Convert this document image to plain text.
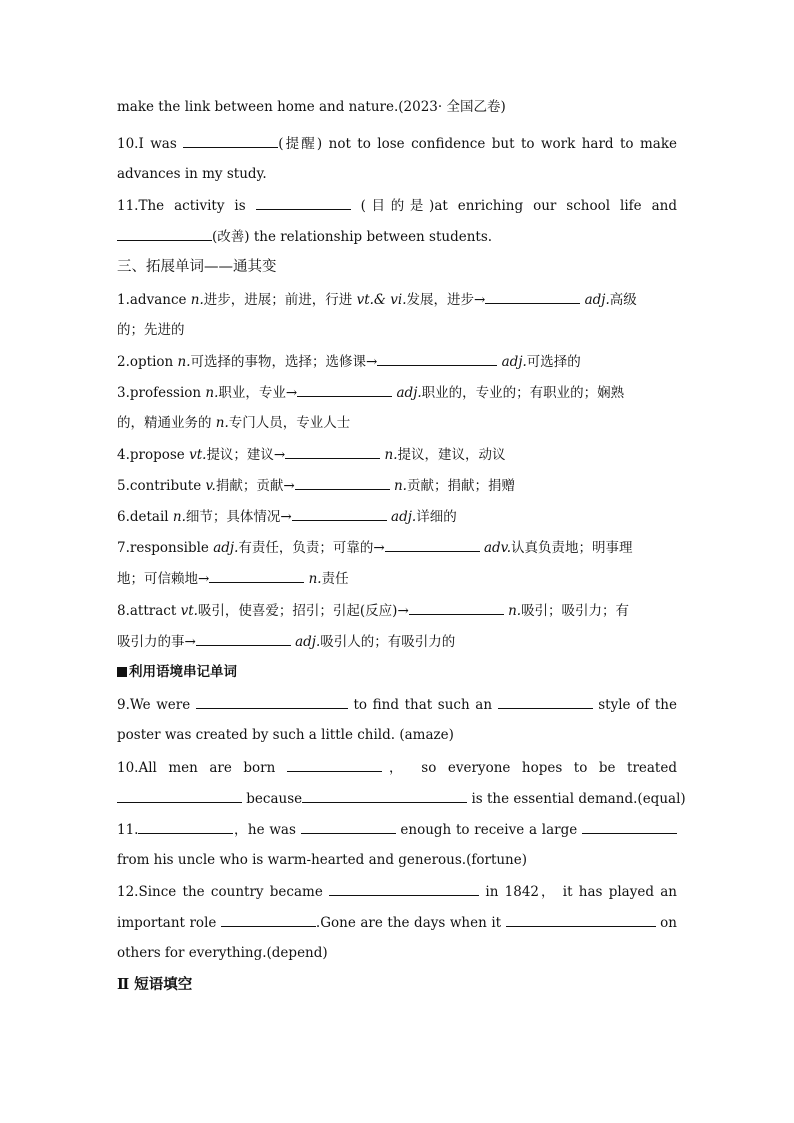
make the link between home and nature.(2023· 全国乙卷)
10.I was	(提醒) not to lose confidence but to work hard to make
advances in my study.
11.The activity is	(目的是)at enriching our school life and
(改善) the relationship between students.
三、拓展单词——通其变
1.advance n.进步，进展；前进，行进 vt.& vi.发展，进步→	adj.高级
的；先进的
2.option n.可选择的事物，选择；选修课→	adj.可选择的
3.profession n.职业，专业→	adj.职业的，专业的；有职业的；娴熟
的，精通业务的 n.专门人员，专业人士
4.propose vt.提议；建议→	n.提议，建议，动议
5.contribute v.捐献；贡献→	n.贡献；捐献；捐赠
6.detail n.细节；具体情况→	adj.详细的
7.responsible adj.有责任，负责；可靠的→	adv.认真负责地；明事理
地；可信赖地→	n.责任
8.attract vt.吸引，使喜爱；招引；引起(反应)→	n.吸引；吸引力；有
吸引力的事→	adj.吸引人的；有吸引力的
利用语境串记单词
9.We were	to find that such an	style of the
poster was created by such a little child. (amaze)
10.All men are born	， so everyone hopes to be treated
because	is the essential demand.(equal)
11.	，he was	enough to receive a large
from his uncle who is warm-hearted and generous.(fortune)
12.Since the country became	in 1842， it has played an
important role	.Gone are the days when it	on
others for everything.(depend)
Ⅱ 短语填空
